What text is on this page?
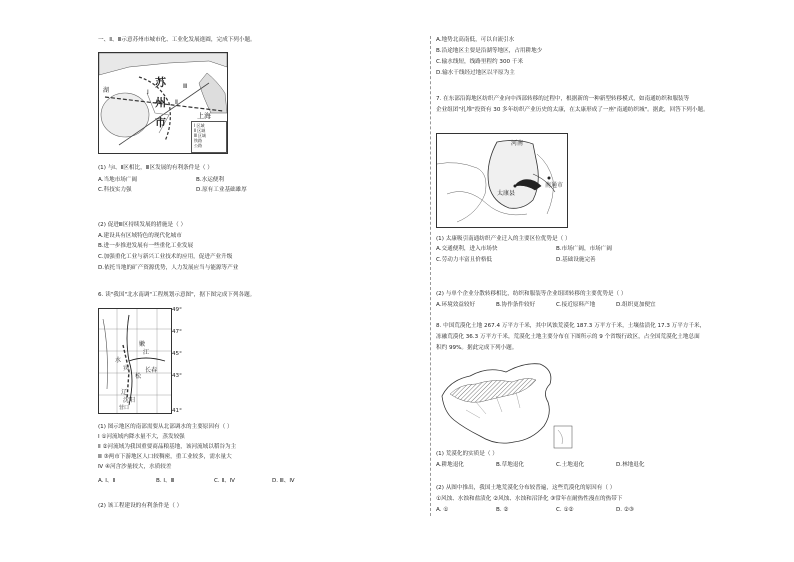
一、Ⅱ、Ⅲ示意苏州市城市化、工业化发展進圆，完成下列小题。
湖
苏
州
市	上海
Ⅰ
Ⅱ
Ⅲ
Ⅰ 区域
Ⅱ 区域
Ⅲ 区域
铁路
公路
(1) 与Ⅰ、Ⅱ区相比，Ⅲ区发展的有利条件是（ ）
A.当地市场广阔	B.水运便利
C.科技实力强	D.原有工业基础雄厚
(2) 促进Ⅲ区持续发展的措施是（ ）
A.建设具有区域特色的现代化城市
B.进一步推进发展有一些重化工业发展
C.加强重化工业与新兴工业技术的应用，促进产业升级
D.依托当地的矿产资源优势，人力发展应当与能源等产业
6. 读"我国"北水南调"工程规划示意图"，据下图完成下列各题。
嫩
江
水
宾	长春
松
辽
沈阳
营口
49°
47°
45°
43°
41°
(1) 图示地区的南部需要从北部调水的主要原因有（ ）
Ⅰ ①河流域内降水量不大，蒸发较强
Ⅱ ②河流域为我国重要商品粮基地，该河流域以稻谷为主
Ⅲ ③两市下游地区人口较稠密，重工业较多，需水量大
Ⅳ ④河含沙量较大，水质较差
A. Ⅰ、Ⅱ	B. Ⅰ、Ⅲ	C. Ⅱ、Ⅳ	D. Ⅲ、Ⅳ
(2) 该工程建设的有利条件是（ ）
A.地势北高南低，可以自流引水
B.沿途地区主要是沿湖等地区，占用耕地少
C.输水线短，线路里程约 300 千米
D.输水干线经过地区以平原为主
7. 在东部沿海地区纺织产业向中西部转移的过程中，根据新的一种新型转移模式，如南通纺织和服装等
企业组团"扎堆"投资有 30 多年纺织产业历史的太康，在太康形成了一座"南通纺织城"。据此，回答下列小题。
河南
南通市
太康县
(1) 太康吸引南通纺织产业迁入的主要区位优势是（ ）
A.交通便利，进入市场快	B.市场广阔，市场广阔
C.劳动力丰富且价格低	D.基础设施完善
(2) 与单个企业分散转移相比，纺织和服装等企业组团转移的主要优势是（ ）
A.环境效益较好	B.协作条件较好	C.接近原料产地	D.组织更加便宜
8. 中国荒漠化土地 267.4 万平方千米，其中风蚀荒漠化 187.3 万平方千米，土壤盐渍化 17.3 万平方千米，
冻融荒漠化 36.3 万平方千米，荒漠化土地主要分布在下图所示的 9 个省级行政区，占全国荒漠化土地总面
积约 99%。据此完成下列小题。
(1) 荒漠化的实质是（ ）
A.耕地退化	B.草地退化	C.土地退化	D.林地退化
(2) 从图中推出，我国土地荒漠化分布较普遍，这些荒漠化的原因有（ ）
①风蚀、水蚀和盐渍化 ②风蚀、水蚀和沼泽化 ③常年在耐热性漫在的热带下
A. ①	B. ②	C. ①②	D. ②③
